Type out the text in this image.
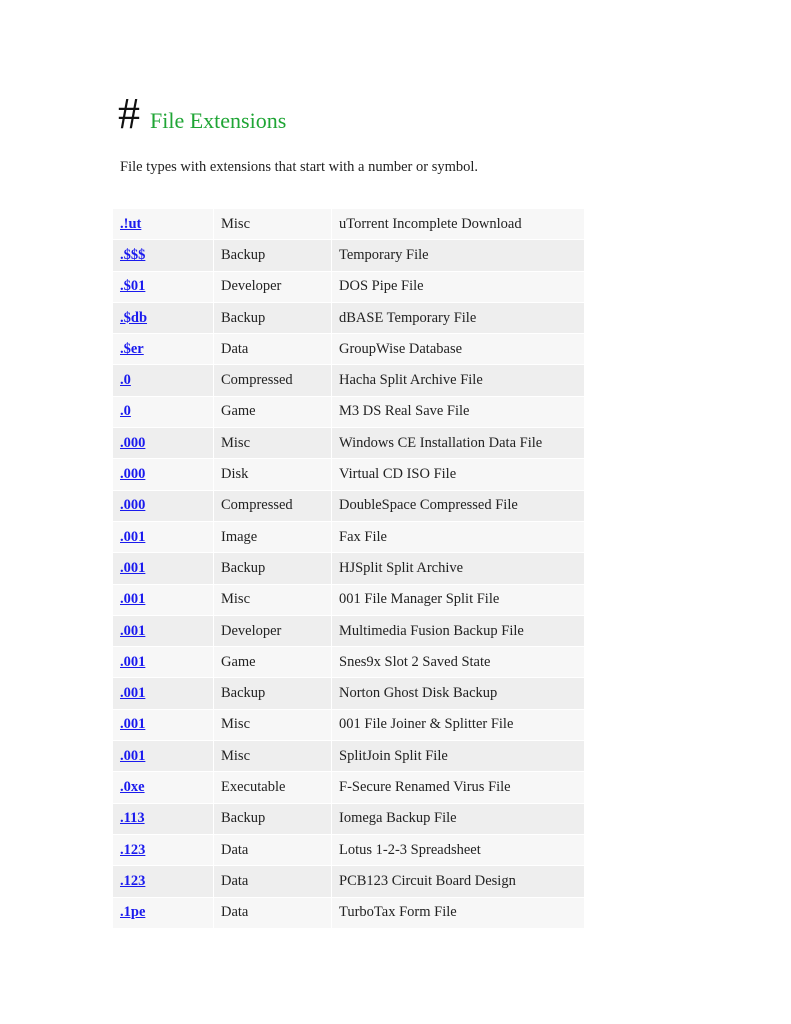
# File Extensions
File types with extensions that start with a number or symbol.
.!ut	Misc	uTorrent Incomplete Download
.$$$	Backup	Temporary File
.$01	Developer	DOS Pipe File
.$db	Backup	dBASE Temporary File
.$er	Data	GroupWise Database
.0	Compressed	Hacha Split Archive File
.0	Game	M3 DS Real Save File
.000	Misc	Windows CE Installation Data File
.000	Disk	Virtual CD ISO File
.000	Compressed	DoubleSpace Compressed File
.001	Image	Fax File
.001	Backup	HJSplit Split Archive
.001	Misc	001 File Manager Split File
.001	Developer	Multimedia Fusion Backup File
.001	Game	Snes9x Slot 2 Saved State
.001	Backup	Norton Ghost Disk Backup
.001	Misc	001 File Joiner & Splitter File
.001	Misc	SplitJoin Split File
.0xe	Executable	F-Secure Renamed Virus File
.113	Backup	Iomega Backup File
.123	Data	Lotus 1-2-3 Spreadsheet
.123	Data	PCB123 Circuit Board Design
.1pe	Data	TurboTax Form File
